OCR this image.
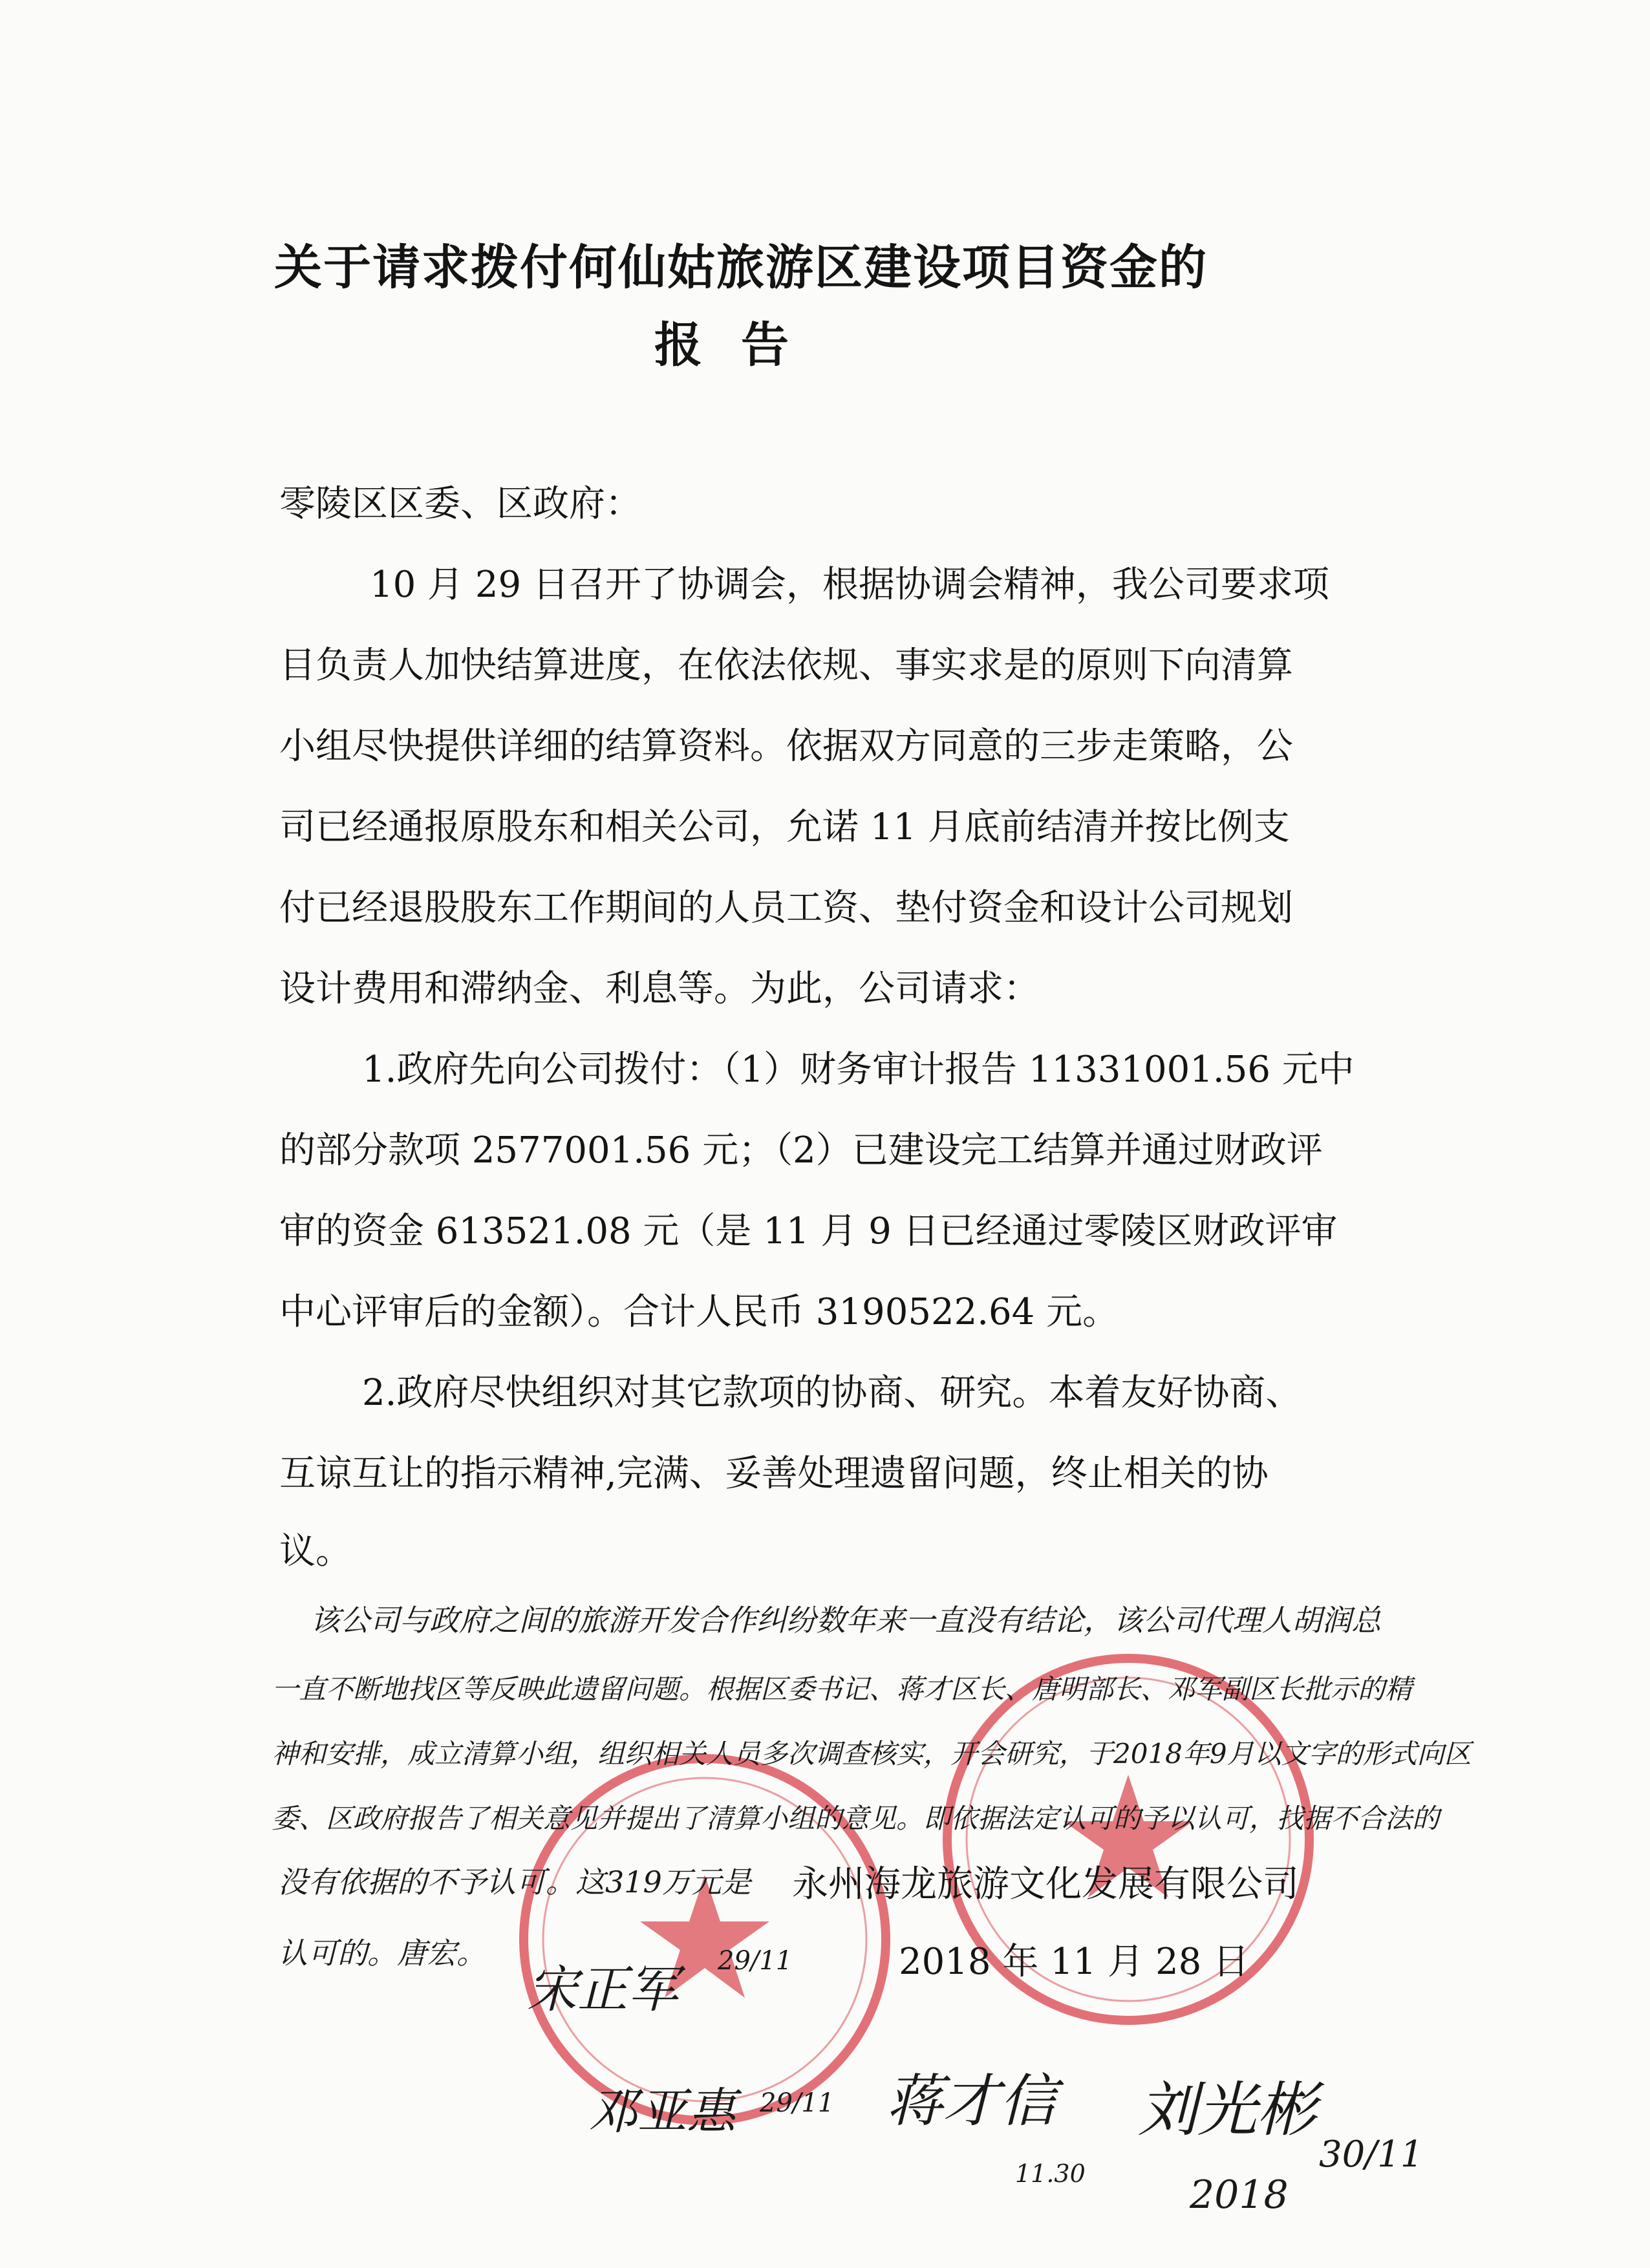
关于请求拨付何仙姑旅游区建设项目资金的
报告
零陵区区委、区政府：
10 月 29 日召开了协调会，根据协调会精神，我公司要求项
目负责人加快结算进度，在依法依规、事实求是的原则下向清算
小组尽快提供详细的结算资料。依据双方同意的三步走策略，公
司已经通报原股东和相关公司，允诺 11 月底前结清并按比例支
付已经退股股东工作期间的人员工资、垫付资金和设计公司规划
设计费用和滞纳金、利息等。为此，公司请求：
1.政府先向公司拨付：（1）财务审计报告 11331001.56 元中
的部分款项 2577001.56 元；（2）已建设完工结算并通过财政评
审的资金 613521.08 元（是 11 月 9 日已经通过零陵区财政评审
中心评审后的金额）。合计人民币 3190522.64 元。
2.政府尽快组织对其它款项的协商、研究。本着友好协商、
互谅互让的指示精神,完满、妥善处理遗留问题，终止相关的协
议。
该公司与政府之间的旅游开发合作纠纷数年来一直没有结论，该公司代理人胡润总
一直不断地找区等反映此遗留问题。根据区委书记、蒋才区长、唐明部长、邓军副区长批示的精
神和安排，成立清算小组，组织相关人员多次调查核实，开会研究，于2018年9月以文字的形式向区
委、区政府报告了相关意见并提出了清算小组的意见。即依据法定认可的予以认可，找据不合法的
没有依据的不予认可。这319万元是
认可的。唐宏。
永州海龙旅游文化发展有限公司
2018 年 11 月 28 日
宋正军 29/11
邓亚惠 29/11 蒋才信
11.30
刘光彬
2018
30/11
